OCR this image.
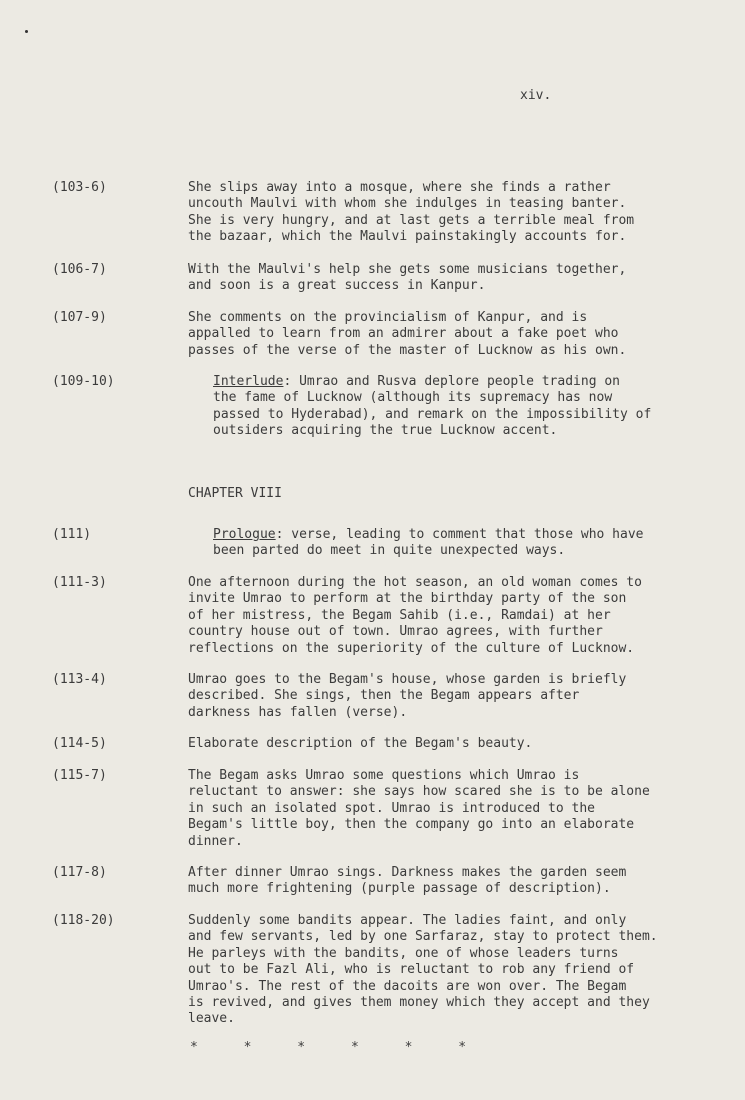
xiv.
(103-6)	She slips away into a mosque, where she finds a rather
uncouth Maulvi with whom she indulges in teasing banter.
She is very hungry, and at last gets a terrible meal from
the bazaar, which the Maulvi painstakingly accounts for.
(106-7)	With the Maulvi's help she gets some musicians together,
and soon is a great success in Kanpur.
(107-9)	She comments on the provincialism of Kanpur, and is
appalled to learn from an admirer about a fake poet who
passes of the verse of the master of Lucknow as his own.
(109-10)	Interlude: Umrao and Rusva deplore people trading on
the fame of Lucknow (although its supremacy has now
passed to Hyderabad), and remark on the impossibility of
outsiders acquiring the true Lucknow accent.
CHAPTER VIII
(111)	Prologue: verse, leading to comment that those who have
been parted do meet in quite unexpected ways.
(111-3)	One afternoon during the hot season, an old woman comes to
invite Umrao to perform at the birthday party of the son
of her mistress, the Begam Sahib (i.e., Ramdai) at her
country house out of town. Umrao agrees, with further
reflections on the superiority of the culture of Lucknow.
(113-4)	Umrao goes to the Begam's house, whose garden is briefly
described. She sings, then the Begam appears after
darkness has fallen (verse).
(114-5)	Elaborate description of the Begam's beauty.
(115-7)	The Begam asks Umrao some questions which Umrao is
reluctant to answer: she says how scared she is to be alone
in such an isolated spot. Umrao is introduced to the
Begam's little boy, then the company go into an elaborate
dinner.
(117-8)	After dinner Umrao sings. Darkness makes the garden seem
much more frightening (purple passage of description).
(118-20)	Suddenly some bandits appear. The ladies faint, and only
and few servants, led by one Sarfaraz, stay to protect them.
He parleys with the bandits, one of whose leaders turns
out to be Fazl Ali, who is reluctant to rob any friend of
Umrao's. The rest of the dacoits are won over. The Begam
is revived, and gives them money which they accept and they
leave.
* * * * * *
